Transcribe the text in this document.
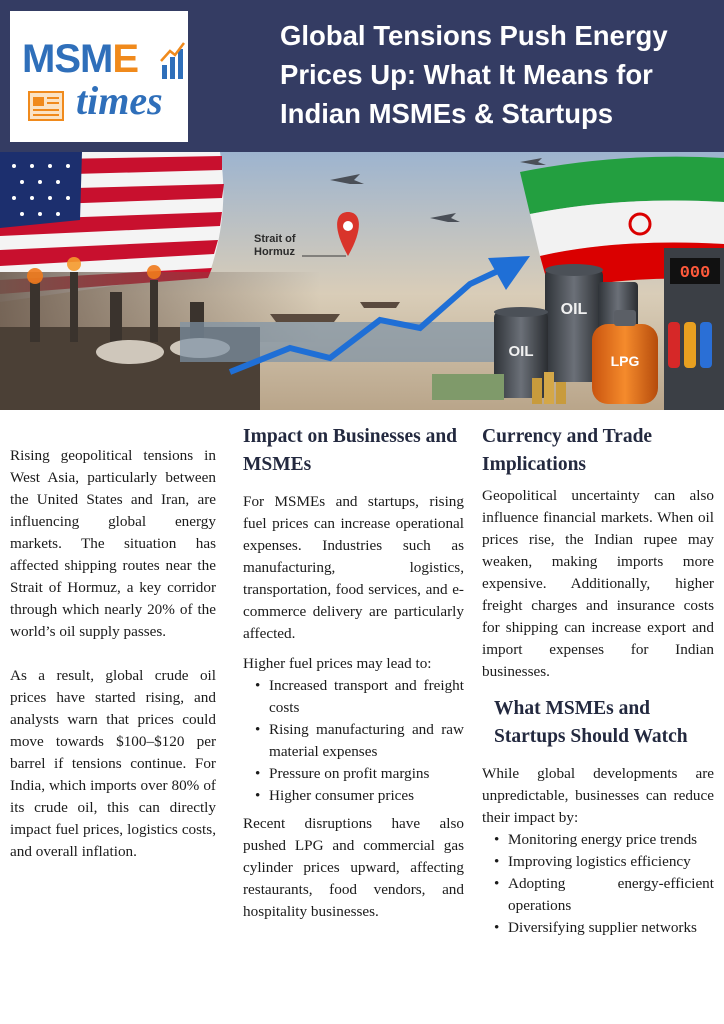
MSME
times
Global Tensions Push Energy Prices Up: What It Means for Indian MSMEs & Startups
Strait of
Hormuz
OIL
OIL
LPG
000

Rising geopolitical tensions in West Asia, particularly between the United States and Iran, are influencing global energy markets. The situation has affected shipping routes near the Strait of Hormuz, a key corridor through which nearly 20% of the world’s oil supply passes.

As a result, global crude oil prices have started rising, and analysts warn that prices could move towards $100–$120 per barrel if tensions continue. For India, which imports over 80% of its crude oil, this can directly impact fuel prices, logistics costs, and overall inflation.

Impact on Businesses and MSMEs

For MSMEs and startups, rising fuel prices can increase operational expenses. Industries such as manufacturing, logistics, transportation, food services, and e-commerce delivery are particularly affected.

Higher fuel prices may lead to:

• Increased transport and freight costs
• Rising manufacturing and raw material expenses
• Pressure on profit margins
• Higher consumer prices

Recent disruptions have also pushed LPG and commercial gas cylinder prices upward, affecting restaurants, food vendors, and hospitality businesses.

Currency and Trade Implications

Geopolitical uncertainty can also influence financial markets. When oil prices rise, the Indian rupee may weaken, making imports more expensive. Additionally, higher freight charges and insurance costs for shipping can increase export and import expenses for Indian businesses.

What MSMEs and Startups Should Watch

While global developments are unpredictable, businesses can reduce their impact by:

• Monitoring energy price trends
• Improving logistics efficiency
• Adopting energy-efficient operations
• Diversifying supplier networks
